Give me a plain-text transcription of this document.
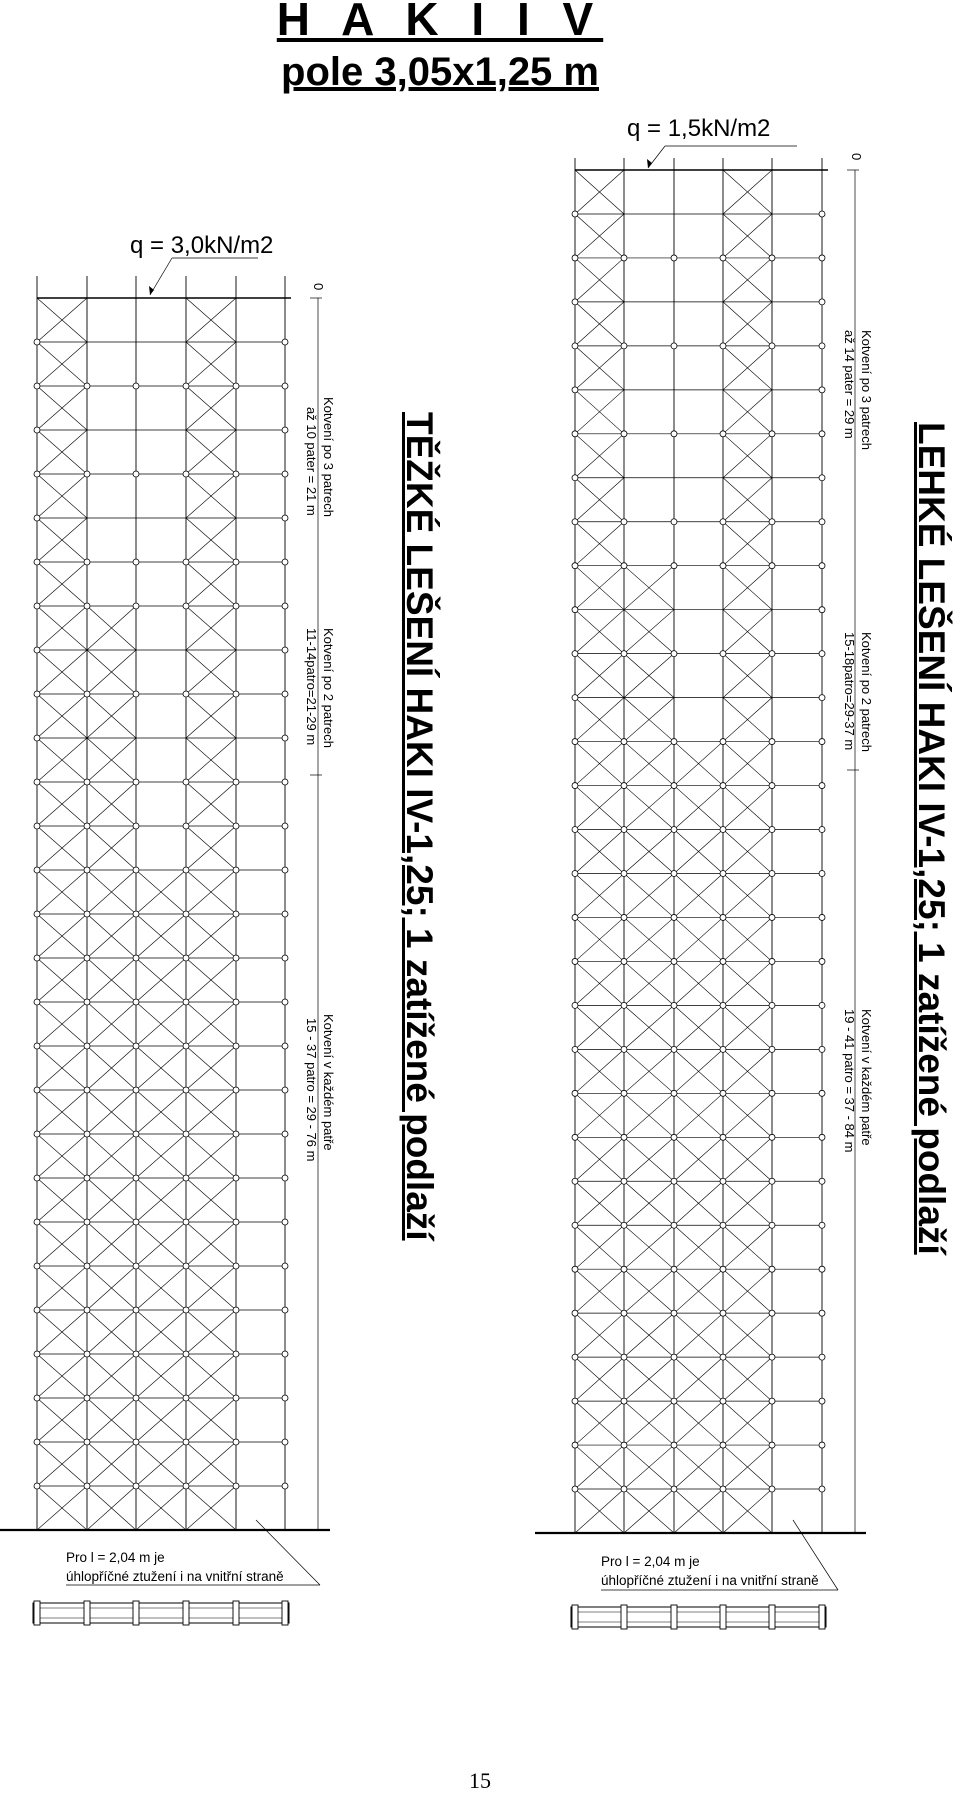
H A K I I V
pole 3,05x1,25 m
q = 3,0kN/m2
0
TĚŽKÉ LEŠENÍ HAKI IV-1,25; 1 zatížené podlaží
Kotvení po 3 patrech
až 10 pater = 21 m
Kotvení po 2 patrech
11-14patro=21-29 m
Kotvení v každém patře
15 - 37 patro = 29 - 76 m
Pro l = 2,04 m je
úhlopříčné ztužení i na vnitřní straně
q = 1,5kN/m2
0
LEHKÉ LEŠENÍ HAKI IV-1,25; 1 zatížené podlaží
Kotvení po 3 patrech
až 14 pater = 29 m
Kotvení po 2 patrech
15-18patro=29-37 m
Kotvení v každém patře
19 - 41 patro = 37 - 84 m
Pro l = 2,04 m je
úhlopříčné ztužení i na vnitřní straně
15
